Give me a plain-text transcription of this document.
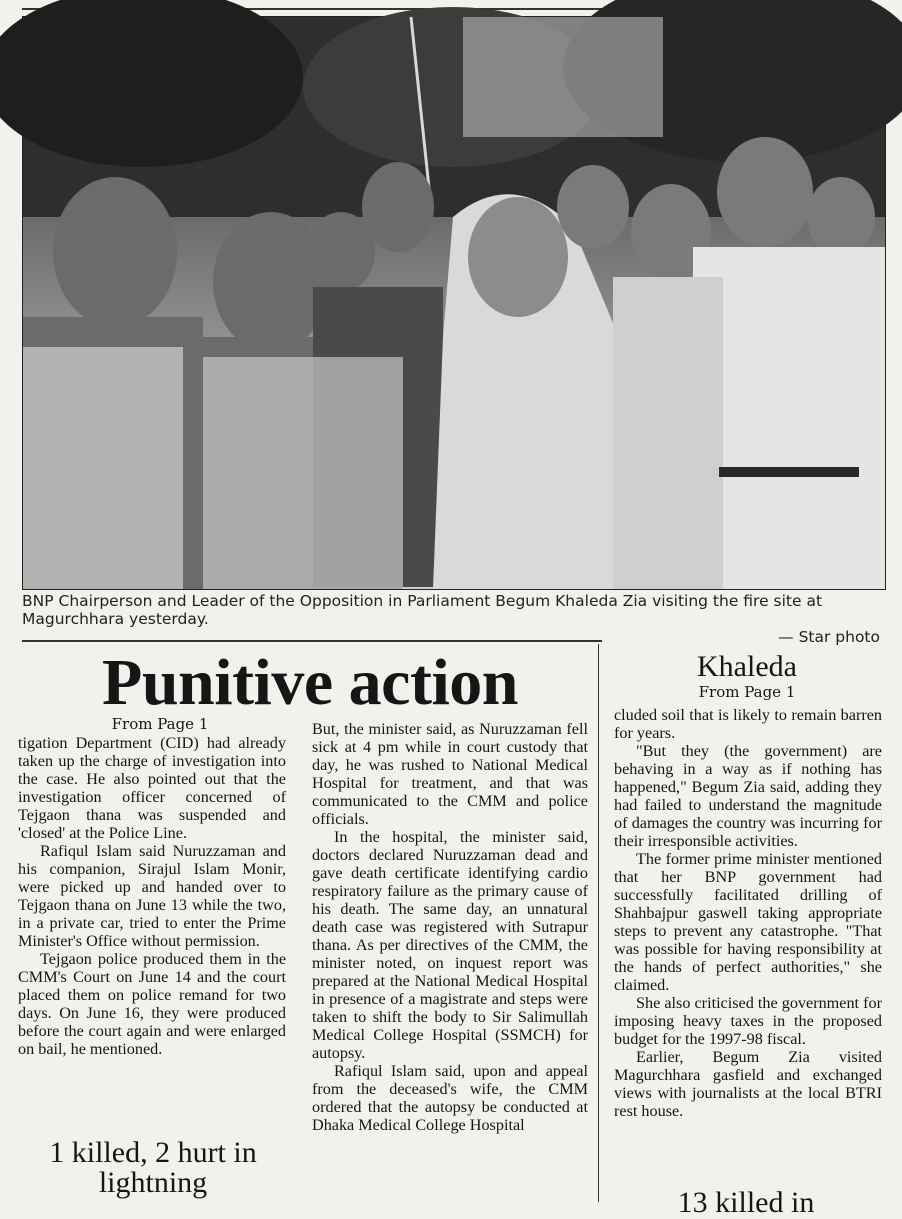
BNP Chairperson and Leader of the Opposition in Parliament Begum Khaleda Zia visiting the fire site at Magurchhara yesterday.
— Star photo
Punitive action
From Page 1

tigation Department (CID) had already taken up the charge of investigation into the case. He also pointed out that the investigation officer concerned of Tejgaon thana was suspended and 'closed' at the Police Line.

Rafiqul Islam said Nuruzzaman and his companion, Sirajul Islam Monir, were picked up and handed over to Tejgaon thana on June 13 while the two, in a private car, tried to enter the Prime Minister's Office without permission.

Tejgaon police produced them in the CMM's Court on June 14 and the court placed them on police remand for two days. On June 16, they were produced before the court again and were enlarged on bail, he mentioned.

1 killed, 2 hurt in lightning

But, the minister said, as Nuruzzaman fell sick at 4 pm while in court custody that day, he was rushed to National Medical Hospital for treatment, and that was communicated to the CMM and police officials.

In the hospital, the minister said, doctors declared Nuruzzaman dead and gave death certificate identifying cardio respiratory failure as the primary cause of his death. The same day, an unnatural death case was registered with Sutrapur thana. As per directives of the CMM, the minister noted, on inquest report was prepared at the National Medical Hospital in presence of a magistrate and steps were taken to shift the body to Sir Salimullah Medical College Hospital (SSMCH) for autopsy.

Rafiqul Islam said, upon and appeal from the deceased's wife, the CMM ordered that the autopsy be conducted at Dhaka Medical College Hospital

Khaleda
From Page 1

cluded soil that is likely to remain barren for years.

"But they (the government) are behaving in a way as if nothing has happened," Begum Zia said, adding they had failed to understand the magnitude of damages the country was incurring for their irresponsible activities.

The former prime minister mentioned that her BNP government had successfully facilitated drilling of Shahbajpur gaswell taking appropriate steps to prevent any catastrophe. "That was possible for having responsibility at the hands of perfect authorities," she claimed.

She also criticised the government for imposing heavy taxes in the proposed budget for the 1997-98 fiscal.

Earlier, Begum Zia visited Magurchhara gasfield and exchanged views with journalists at the local BTRI rest house.

13 killed in
